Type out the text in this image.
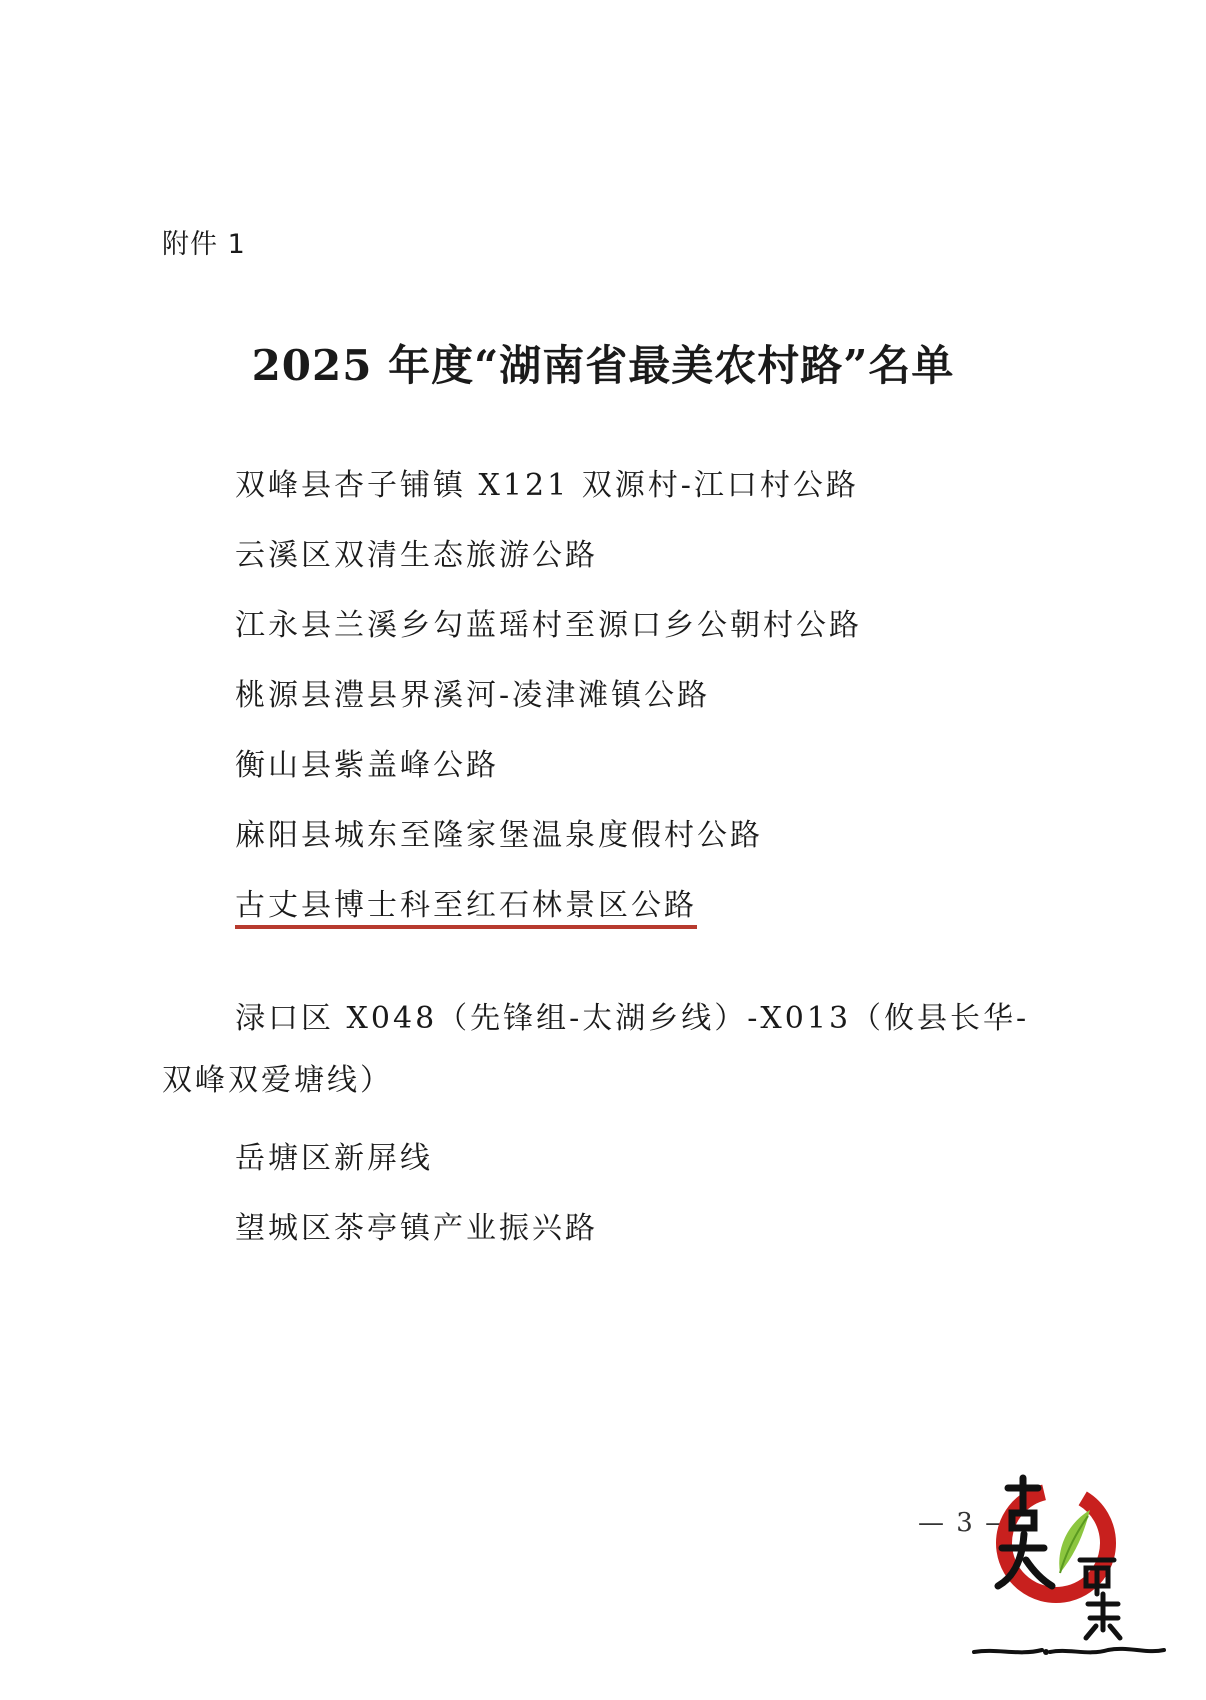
附件 1
2025 年度“湖南省最美农村路”名单
双峰县杏子铺镇 X121 双源村-江口村公路
云溪区双清生态旅游公路
江永县兰溪乡勾蓝瑶村至源口乡公朝村公路
桃源县澧县界溪河-凌津滩镇公路
衡山县紫盖峰公路
麻阳县城东至隆家堡温泉度假村公路
古丈县博士科至红石林景区公路
渌口区 X048（先锋组-太湖乡线）-X013（攸县长华-双峰双爱塘线）
岳塘区新屏线
望城区茶亭镇产业振兴路
— 3 —
